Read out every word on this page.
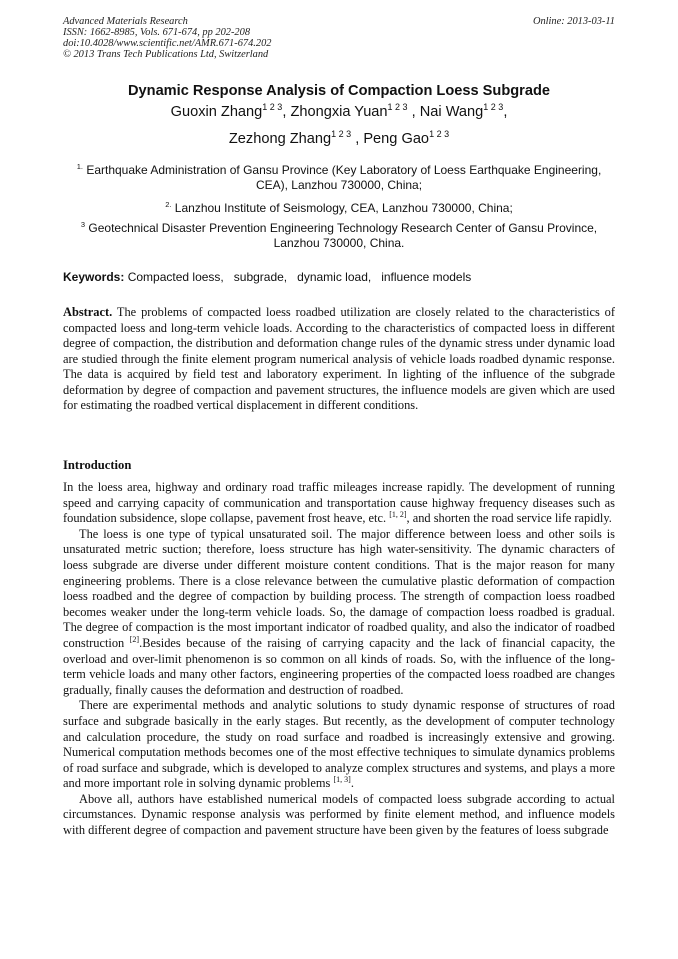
Advanced Materials Research
ISSN: 1662-8985, Vols. 671-674, pp 202-208
doi:10.4028/www.scientific.net/AMR.671-674.202
© 2013 Trans Tech Publications Ltd, Switzerland
Online: 2013-03-11
Dynamic Response Analysis of Compaction Loess Subgrade
Guoxin Zhang$^{1 2 3}$, Zhongxia Yuan$^{1 2 3}$ , Nai Wang$^{1 2 3}$,
Zezhong Zhang$^{1 2 3}$ , Peng Gao$^{1 2 3}$
$^{1.}$ Earthquake Administration of Gansu Province (Key Laboratory of Loess Earthquake Engineering, CEA), Lanzhou 730000, China;
$^{2.}$ Lanzhou Institute of Seismology, CEA, Lanzhou 730000, China;
$^3$ Geotechnical Disaster Prevention Engineering Technology Research Center of Gansu Province, Lanzhou 730000, China.
Keywords: Compacted loess, subgrade, dynamic load, influence models
Abstract. The problems of compacted loess roadbed utilization are closely related to the characteristics of compacted loess and long-term vehicle loads. According to the characteristics of compacted loess in different degree of compaction, the distribution and deformation change rules of the dynamic stress under dynamic load are studied through the finite element program numerical analysis of vehicle loads roadbed dynamic response. The data is acquired by field test and laboratory experiment. In lighting of the influence of the subgrade deformation by degree of compaction and pavement structures, the influence models are given which are used for estimating the roadbed vertical displacement in different conditions.
Introduction

In the loess area, highway and ordinary road traffic mileages increase rapidly. The development of running speed and carrying capacity of communication and transportation cause highway frequency diseases such as foundation subsidence, slope collapse, pavement frost heave, etc. [1, 2], and shorten the road service life rapidly.

The loess is one type of typical unsaturated soil. The major difference between loess and other soils is unsaturated metric suction; therefore, loess structure has high water-sensitivity. The dynamic characters of loess subgrade are diverse under different moisture content conditions. That is the major reason for many engineering problems. There is a close relevance between the cumulative plastic deformation of compaction loess roadbed and the degree of compaction by building process. The strength of compaction loess roadbed becomes weaker under the long-term vehicle loads. So, the damage of compaction loess roadbed is gradual. The degree of compaction is the most important indicator of roadbed quality, and also the indicator of roadbed construction [2].Besides because of the raising of carrying capacity and the lack of financial capacity, the overload and over-limit phenomenon is so common on all kinds of roads. So, with the influence of the long-term vehicle loads and many other factors, engineering properties of the compacted loess roadbed are changes gradually, finally causes the deformation and destruction of roadbed.

There are experimental methods and analytic solutions to study dynamic response of structures of road surface and subgrade basically in the early stages. But recently, as the development of computer technology and calculation procedure, the study on road surface and roadbed is increasingly extensive and growing. Numerical computation methods becomes one of the most effective techniques to simulate dynamics problems of road surface and subgrade, which is developed to analyze complex structures and systems, and plays a more and more important role in solving dynamic problems [1, 3].

Above all, authors have established numerical models of compacted loess subgrade according to actual circumstances. Dynamic response analysis was performed by finite element method, and influence models with different degree of compaction and pavement structure have been given by the features of loess subgrade
